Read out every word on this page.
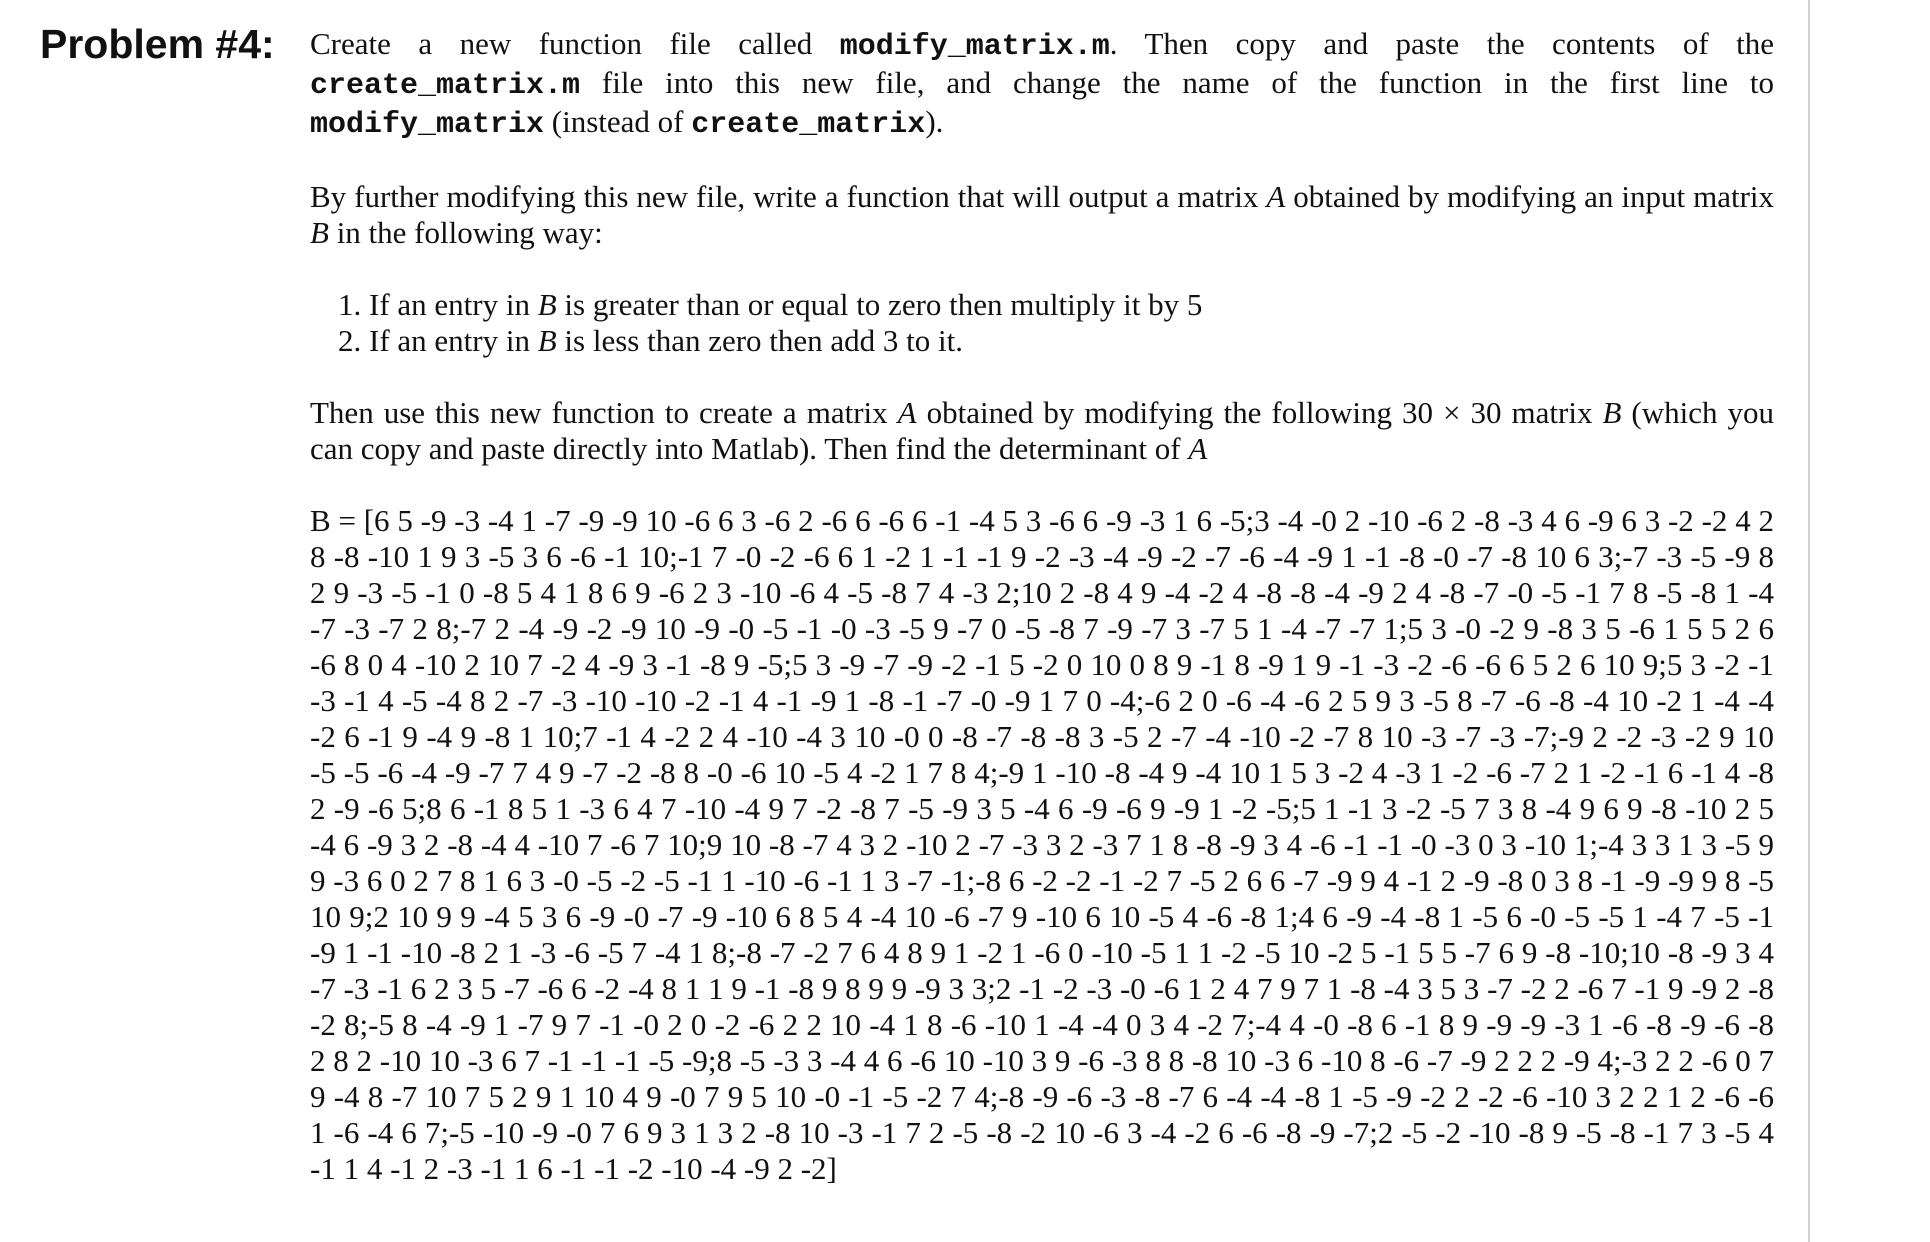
Problem #4: Create a new function file called modify_matrix.m. Then copy and paste the contents of the create_matrix.m file into this new file, and change the name of the function in the first line to modify_matrix (instead of create_matrix).

By further modifying this new file, write a function that will output a matrix A obtained by modifying an input matrix B in the following way:

1. If an entry in B is greater than or equal to zero then multiply it by 5
2. If an entry in B is less than zero then add 3 to it.

Then use this new function to create a matrix A obtained by modifying the following 30 × 30 matrix B (which you can copy and paste directly into Matlab). Then find the determinant of A

B = [6 5 -9 -3 -4 1 -7 -9 -9 10 -6 6 3 -6 2 -6 6 -6 6 -1 -4 5 3 -6 6 -9 -3 1 6 -5;3 -4 -0 2 -10 -6 2 -8 -3 4 6 -9 6 3 -2 -2 4 2 8 -8 -10 1 9 3 -5 3 6 -6 -1 10;-1 7 -0 -2 -6 6 1 -2 1 -1 -1 9 -2 -3 -4 -9 -2 -7 -6 -4 -9 1 -1 -8 -0 -7 -8 10 6 3;-7 -3 -5 -9 8 2 9 -3 -5 -1 0 -8 5 4 1 8 6 9 -6 2 3 -10 -6 4 -5 -8 7 4 -3 2;10 2 -8 4 9 -4 -2 4 -8 -8 -4 -9 2 4 -8 -7 -0 -5 -1 7 8 -5 -8 1 -4 -7 -3 -7 2 8;-7 2 -4 -9 -2 -9 10 -9 -0 -5 -1 -0 -3 -5 9 -7 0 -5 -8 7 -9 -7 3 -7 5 1 -4 -7 -7 1;5 3 -0 -2 9 -8 3 5 -6 1 5 5 2 6 -6 8 0 4 -10 2 10 7 -2 4 -9 3 -1 -8 9 -5;5 3 -9 -7 -9 -2 -1 5 -2 0 10 0 8 9 -1 8 -9 1 9 -1 -3 -2 -6 -6 6 5 2 6 10 9;5 3 -2 -1 -3 -1 4 -5 -4 8 2 -7 -3 -10 -10 -2 -1 4 -1 -9 1 -8 -1 -7 -0 -9 1 7 0 -4;-6 2 0 -6 -4 -6 2 5 9 3 -5 8 -7 -6 -8 -4 10 -2 1 -4 -4 -2 6 -1 9 -4 9 -8 1 10;7 -1 4 -2 2 4 -10 -4 3 10 -0 0 -8 -7 -8 -8 3 -5 2 -7 -4 -10 -2 -7 8 10 -3 -7 -3 -7;-9 2 -2 -3 -2 9 10 -5 -5 -6 -4 -9 -7 7 4 9 -7 -2 -8 8 -0 -6 10 -5 4 -2 1 7 8 4;-9 1 -10 -8 -4 9 -4 10 1 5 3 -2 4 -3 1 -2 -6 -7 2 1 -2 -1 6 -1 4 -8 2 -9 -6 5;8 6 -1 8 5 1 -3 6 4 7 -10 -4 9 7 -2 -8 7 -5 -9 3 5 -4 6 -9 -6 9 -9 1 -2 -5;5 1 -1 3 -2 -5 7 3 8 -4 9 6 9 -8 -10 2 5 -4 6 -9 3 2 -8 -4 4 -10 7 -6 7 10;9 10 -8 -7 4 3 2 -10 2 -7 -3 3 2 -3 7 1 8 -8 -9 3 4 -6 -1 -1 -0 -3 0 3 -10 1;-4 3 3 1 3 -5 9 9 -3 6 0 2 7 8 1 6 3 -0 -5 -2 -5 -1 1 -10 -6 -1 1 3 -7 -1;-8 6 -2 -2 -1 -2 7 -5 2 6 6 -7 -9 9 4 -1 2 -9 -8 0 3 8 -1 -9 -9 9 8 -5 10 9;2 10 9 9 -4 5 3 6 -9 -0 -7 -9 -10 6 8 5 4 -4 10 -6 -7 9 -10 6 10 -5 4 -6 -8 1;4 6 -9 -4 -8 1 -5 6 -0 -5 -5 1 -4 7 -5 -1 -9 1 -1 -10 -8 2 1 -3 -6 -5 7 -4 1 8;-8 -7 -2 7 6 4 8 9 1 -2 1 -6 0 -10 -5 1 1 -2 -5 10 -2 5 -1 5 5 -7 6 9 -8 -10;10 -8 -9 3 4 -7 -3 -1 6 2 3 5 -7 -6 6 -2 -4 8 1 1 9 -1 -8 9 8 9 9 -9 3 3;2 -1 -2 -3 -0 -6 1 2 4 7 9 7 1 -8 -4 3 5 3 -7 -2 2 -6 7 -1 9 -9 2 -8 -2 8;-5 8 -4 -9 1 -7 9 7 -1 -0 2 0 -2 -6 2 2 10 -4 1 8 -6 -10 1 -4 -4 0 3 4 -2 7;-4 4 -0 -8 6 -1 8 9 -9 -9 -3 1 -6 -8 -9 -6 -8 2 8 2 -10 10 -3 6 7 -1 -1 -1 -5 -9;8 -5 -3 3 -4 4 6 -6 10 -10 3 9 -6 -3 8 8 -8 10 -3 6 -10 8 -6 -7 -9 2 2 2 -9 4;-3 2 2 -6 0 7 9 -4 8 -7 10 7 5 2 9 1 10 4 9 -0 7 9 5 10 -0 -1 -5 -2 7 4;-8 -9 -6 -3 -8 -7 6 -4 -4 -8 1 -5 -9 -2 2 -2 -6 -10 3 2 2 1 2 -6 -6 1 -6 -4 6 7;-5 -10 -9 -0 7 6 9 3 1 3 2 -8 10 -3 -1 7 2 -5 -8 -2 10 -6 3 -4 -2 6 -6 -8 -9 -7;2 -5 -2 -10 -8 9 -5 -8 -1 7 3 -5 4 -1 1 4 -1 2 -3 -1 1 6 -1 -1 -2 -10 -4 -9 2 -2]
